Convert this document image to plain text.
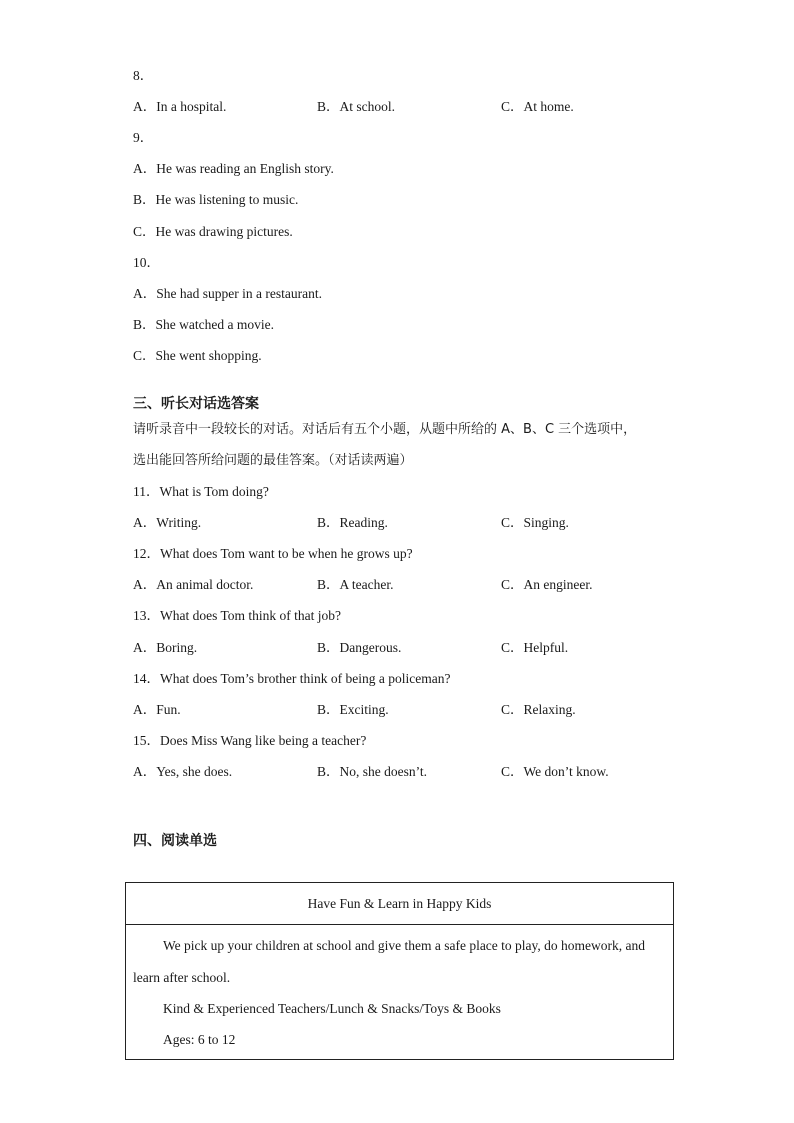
8．
A．In a hospital.	B．At school.	C．At home.
9．
A．He was reading an English story.
B．He was listening to music.
C．He was drawing pictures.
10．
A．She had supper in a restaurant.
B．She watched a movie.
C．She went shopping.
三、听长对话选答案
请听录音中一段较长的对话。对话后有五个小题，从题中所给的 A、B、C 三个选项中，
选出能回答所给问题的最佳答案。（对话读两遍）
11．What is Tom doing?
A．Writing.	B．Reading.	C．Singing.
12．What does Tom want to be when he grows up?
A．An animal doctor.	B．A teacher.	C．An engineer.
13．What does Tom think of that job?
A．Boring.	B．Dangerous.	C．Helpful.
14．What does Tom’s brother think of being a policeman?
A．Fun.	B．Exciting.	C．Relaxing.
15．Does Miss Wang like being a teacher?
A．Yes, she does.	B．No, she doesn’t.	C．We don’t know.
四、阅读单选
Have Fun & Learn in Happy Kids
We pick up your children at school and give them a safe place to play, do homework, and
learn after school.
Kind & Experienced Teachers/Lunch & Snacks/Toys & Books
Ages: 6 to 12
